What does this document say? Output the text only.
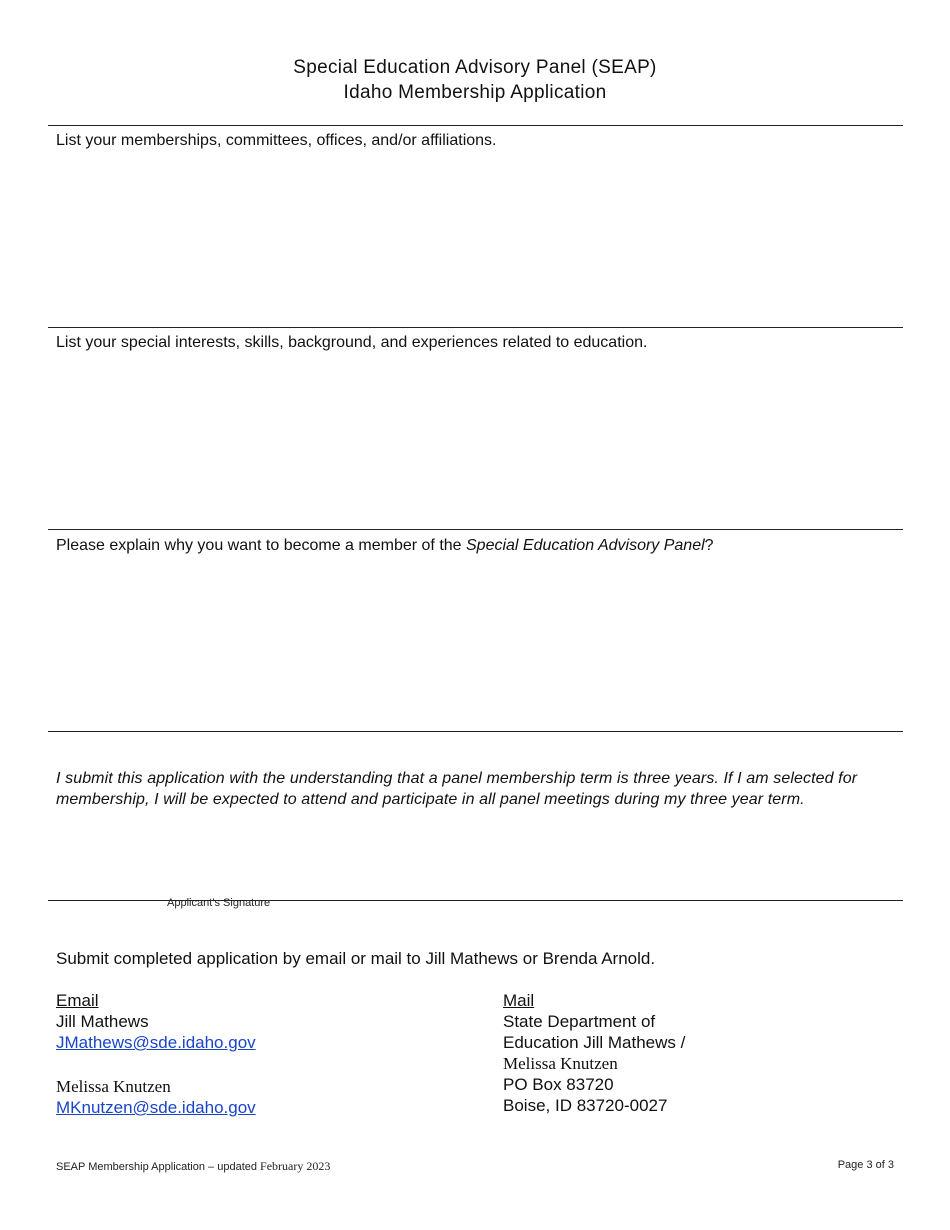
Special Education Advisory Panel (SEAP)
Idaho Membership Application
List your memberships, committees, offices, and/or affiliations.
List your special interests, skills, background, and experiences related to education.
Please explain why you want to become a member of the Special Education Advisory Panel?
I submit this application with the understanding that a panel membership term is three years. If I am selected for membership, I will be expected to attend and participate in all panel meetings during my three year term.
Applicant’s Signature
Submit completed application by email or mail to Jill Mathews or Brenda Arnold.
Email
Jill Mathews
JMathews@sde.idaho.gov
Melissa Knutzen
MKnutzen@sde.idaho.gov
Mail
State Department of
Education Jill Mathews /
Melissa Knutzen
PO Box 83720
Boise, ID 83720-0027
SEAP Membership Application – updated February 2023	Page 3 of 3
